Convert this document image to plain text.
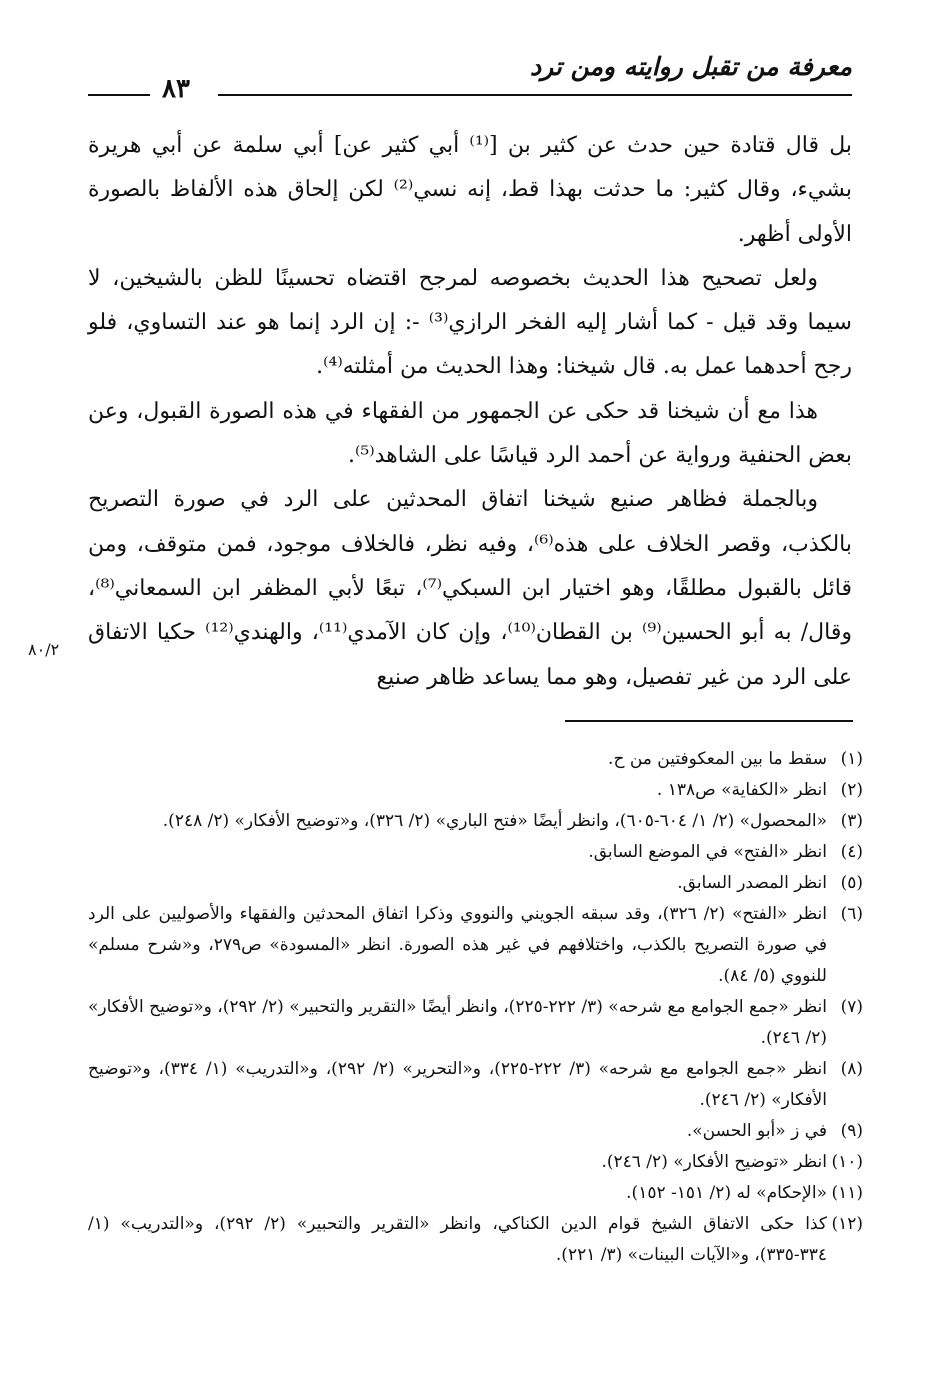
معرفة من تقبل روايته ومن ترد
٨٣

بل قال قتادة حين حدث عن كثير بن [⁽¹⁾ أبي كثير عن] أبي سلمة عن أبي هريرة بشيء، وقال كثير: ما حدثت بهذا قط، إنه نسي⁽²⁾ لكن إلحاق هذه الألفاظ بالصورة الأولى أظهر.

ولعل تصحيح هذا الحديث بخصوصه لمرجح اقتضاه تحسينًا للظن بالشيخين، لا سيما وقد قيل - كما أشار إليه الفخر الرازي⁽³⁾ -: إن الرد إنما هو عند التساوي، فلو رجح أحدهما عمل به. قال شيخنا: وهذا الحديث من أمثلته⁽⁴⁾.

هذا مع أن شيخنا قد حكى عن الجمهور من الفقهاء في هذه الصورة القبول، وعن بعض الحنفية ورواية عن أحمد الرد قياسًا على الشاهد⁽⁵⁾.

وبالجملة فظاهر صنيع شيخنا اتفاق المحدثين على الرد في صورة التصريح بالكذب، وقصر الخلاف على هذه⁽⁶⁾، وفيه نظر، فالخلاف موجود، فمن متوقف، ومن قائل بالقبول مطلقًا، وهو اختيار ابن السبكي⁽⁷⁾، تبعًا لأبي المظفر ابن السمعاني⁽⁸⁾، وقال/ به أبو الحسين⁽⁹⁾ بن القطان⁽¹⁰⁾، وإن كان الآمدي⁽¹¹⁾، والهندي⁽¹²⁾ حكيا الاتفاق على الرد من غير تفصيل، وهو مما يساعد ظاهر صنيع

٨٠/٢
(١)
سقط ما بين المعكوفتين من ح.
(٢)
انظر «الكفاية» ص١٣٨ .
(٣)
«المحصول» (٢/ ١/ ٦٠٤-٦٠٥)، وانظر أيضًا «فتح الباري» (٢/ ٣٢٦)، و«توضيح الأفكار» (٢/ ٢٤٨).
(٤)
انظر «الفتح» في الموضع السابق.
(٥)
انظر المصدر السابق.
(٦)
انظر «الفتح» (٢/ ٣٢٦)، وقد سبقه الجويني والنووي وذكرا اتفاق المحدثين والفقهاء والأصوليين على الرد في صورة التصريح بالكذب، واختلافهم في غير هذه الصورة. انظر «المسودة» ص٢٧٩، و«شرح مسلم» للنووي (٥/ ٨٤).
(٧)
انظر «جمع الجوامع مع شرحه» (٣/ ٢٢٢-٢٢٥)، وانظر أيضًا «التقرير والتحبير» (٢/ ٢٩٢)، و«توضيح الأفكار» (٢/ ٢٤٦).
(٨)
انظر «جمع الجوامع مع شرحه» (٣/ ٢٢٢-٢٢٥)، و«التحرير» (٢/ ٢٩٢)، و«التدريب» (١/ ٣٣٤)، و«توضيح الأفكار» (٢/ ٢٤٦).
(٩)
في ز «أبو الحسن».
(١٠)
انظر «توضيح الأفكار» (٢/ ٢٤٦).
(١١)
«الإحكام» له (٢/ ١٥١- ١٥٢).
(١٢)
كذا حكى الاتفاق الشيخ قوام الدين الكناكي، وانظر «التقرير والتحبير» (٢/ ٢٩٢)، و«التدريب» (١/ ٣٣٤-٣٣٥)، و«الآيات البينات» (٣/ ٢٢١).
